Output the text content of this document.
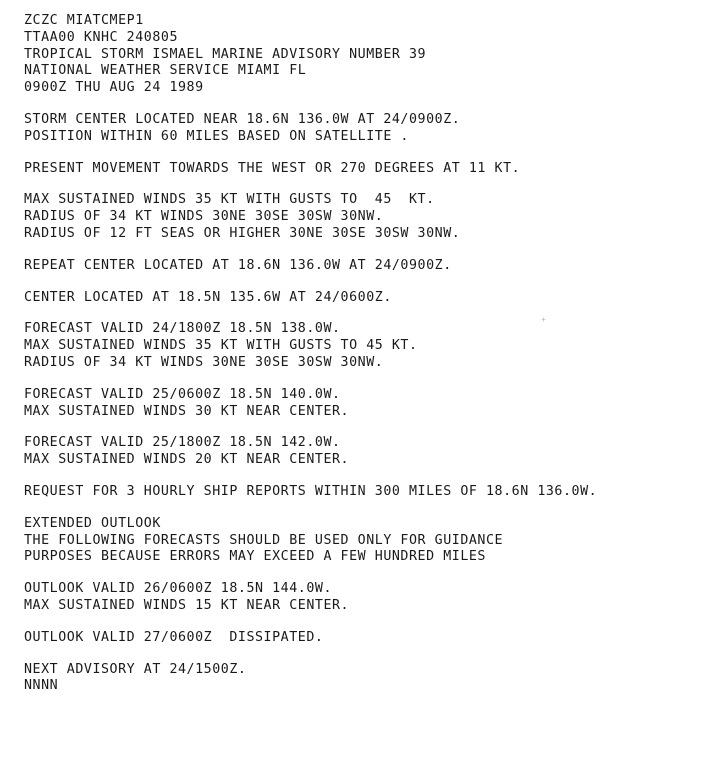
+
ZCZC MIATCMEP1
TTAA00 KNHC 240805
TROPICAL STORM ISMAEL MARINE ADVISORY NUMBER 39
NATIONAL WEATHER SERVICE MIAMI FL
0900Z THU AUG 24 1989
STORM CENTER LOCATED NEAR 18.6N 136.0W AT 24/0900Z.
POSITION WITHIN 60 MILES BASED ON SATELLITE .
PRESENT MOVEMENT TOWARDS THE WEST OR 270 DEGREES AT 11 KT.
MAX SUSTAINED WINDS 35 KT WITH GUSTS TO  45  KT.
RADIUS OF 34 KT WINDS 30NE 30SE 30SW 30NW.
RADIUS OF 12 FT SEAS OR HIGHER 30NE 30SE 30SW 30NW.
REPEAT CENTER LOCATED AT 18.6N 136.0W AT 24/0900Z.
CENTER LOCATED AT 18.5N 135.6W AT 24/0600Z.
FORECAST VALID 24/1800Z 18.5N 138.0W.
MAX SUSTAINED WINDS 35 KT WITH GUSTS TO 45 KT.
RADIUS OF 34 KT WINDS 30NE 30SE 30SW 30NW.
FORECAST VALID 25/0600Z 18.5N 140.0W.
MAX SUSTAINED WINDS 30 KT NEAR CENTER.
FORECAST VALID 25/1800Z 18.5N 142.0W.
MAX SUSTAINED WINDS 20 KT NEAR CENTER.
REQUEST FOR 3 HOURLY SHIP REPORTS WITHIN 300 MILES OF 18.6N 136.0W.
EXTENDED OUTLOOK
THE FOLLOWING FORECASTS SHOULD BE USED ONLY FOR GUIDANCE
PURPOSES BECAUSE ERRORS MAY EXCEED A FEW HUNDRED MILES
OUTLOOK VALID 26/0600Z 18.5N 144.0W.
MAX SUSTAINED WINDS 15 KT NEAR CENTER.
OUTLOOK VALID 27/0600Z  DISSIPATED.
NEXT ADVISORY AT 24/1500Z.
NNNN
